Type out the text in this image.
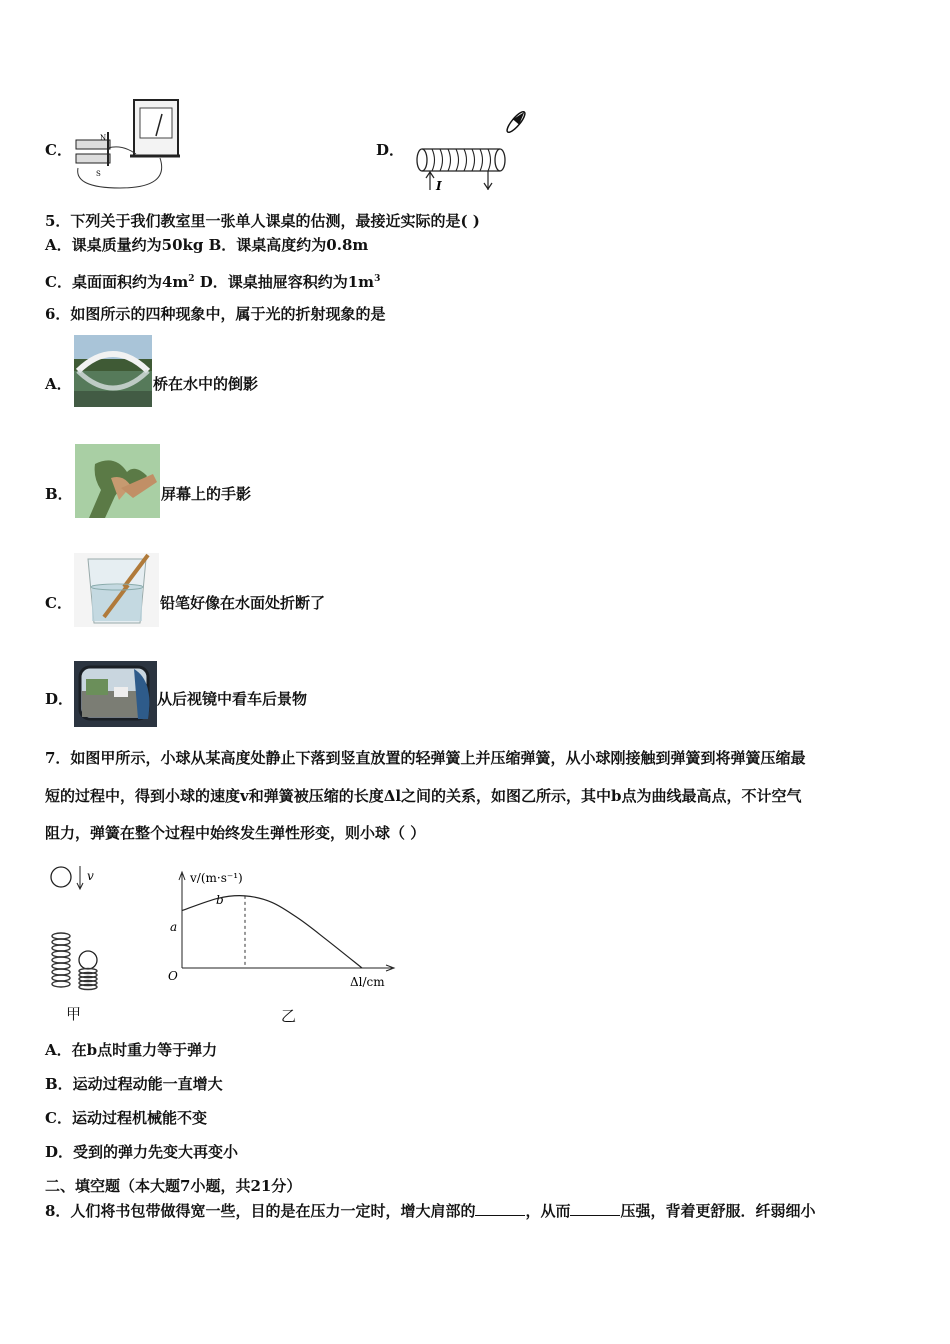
C．
N
S
D．
I
5．下列关于我们教室里一张单人课桌的估测，最接近实际的是( )
A．课桌质量约为50kg B．课桌高度约为0.8m
C．桌面面积约为$4m^2$ D．课桌抽屉容积约为$1m^3$
6．如图所示的四种现象中，属于光的折射现象的是
A．	桥在水中的倒影
B．	屏幕上的手影
C．	铅笔好像在水面处折断了
D．	从后视镜中看车后景物
7．如图甲所示，小球从某高度处静止下落到竖直放置的轻弹簧上并压缩弹簧，从小球刚接触到弹簧到将弹簧压缩最
短的过程中，得到小球的速度v和弹簧被压缩的长度Δl之间的关系，如图乙所示，其中b点为曲线最高点，不计空气
阻力，弹簧在整个过程中始终发生弹性形变，则小球（ ）
v
甲
v/(m·s⁻¹)
Δl/cm
O
a
b
乙
A．在b点时重力等于弹力
B．运动过程动能一直增大
C．运动过程机械能不变
D．受到的弹力先变大再变小
二、填空题（本大题7小题，共21分）
8．人们将书包带做得宽一些，目的是在压力一定时，增大肩部的	，从而	压强，背着更舒服．纤弱细小
